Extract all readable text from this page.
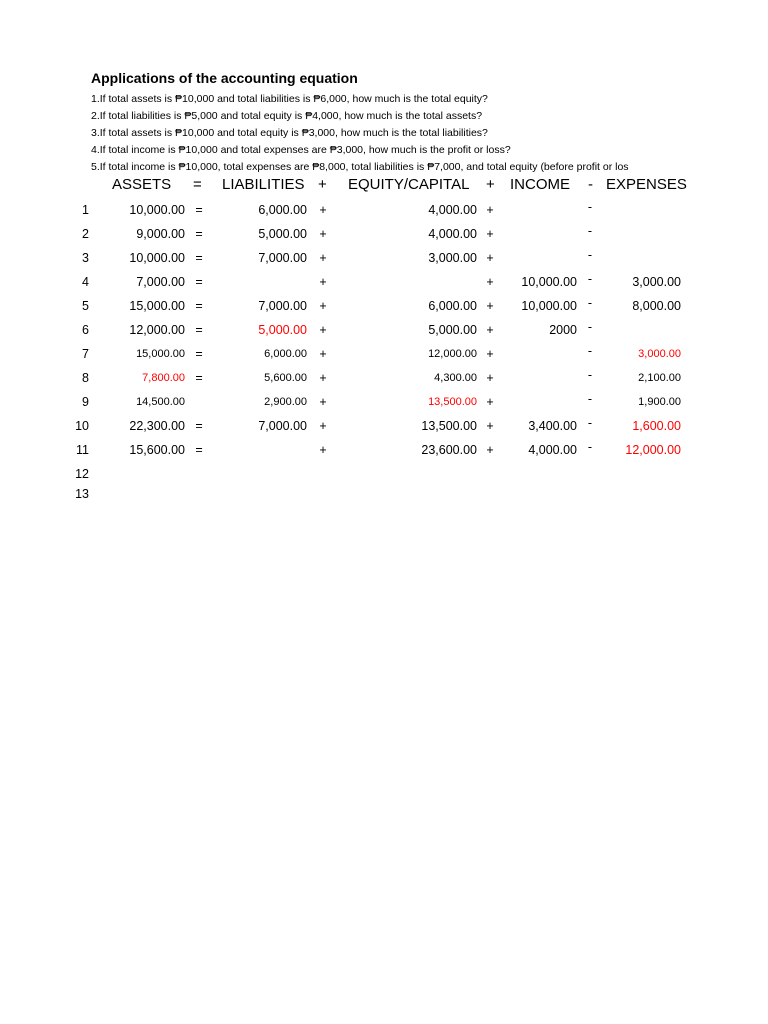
Applications of the accounting equation
1.If total assets is ₱10,000 and total liabilities is ₱6,000, how much is the total equity?
2.If total liabilities is ₱5,000 and total equity is ₱4,000, how much is the total assets?
3.If total assets is ₱10,000 and total equity is ₱3,000, how much is the total liabilities?
4.If total income is ₱10,000 and total expenses are ₱3,000, how much is the profit or loss?
5.If total income is ₱10,000, total expenses are ₱8,000, total liabilities is ₱7,000, and total equity (before profit or los
ASSETS = LIABILITIES + EQUITY/CAPITAL + INCOME - EXPENSES
1	10,000.00 =	6,000.00 +	4,000.00 +	-
2	9,000.00 =	5,000.00 +	4,000.00 +	-
3	10,000.00 =	7,000.00 +	3,000.00 +	-
4	7,000.00 =	+	+	10,000.00 -	3,000.00
5	15,000.00 =	7,000.00 +	6,000.00 +	10,000.00 -	8,000.00
6	12,000.00 =	5,000.00 +	5,000.00 +	2000 -
7	15,000.00 =	6,000.00 +	12,000.00 +	-	3,000.00
8	7,800.00 =	5,600.00 +	4,300.00 +	-	2,100.00
9	14,500.00	2,900.00 +	13,500.00 +	-	1,900.00
10	22,300.00 =	7,000.00 +	13,500.00 +	3,400.00 -	1,600.00
11	15,600.00 =	+	23,600.00 +	4,000.00 -	12,000.00
12
13
